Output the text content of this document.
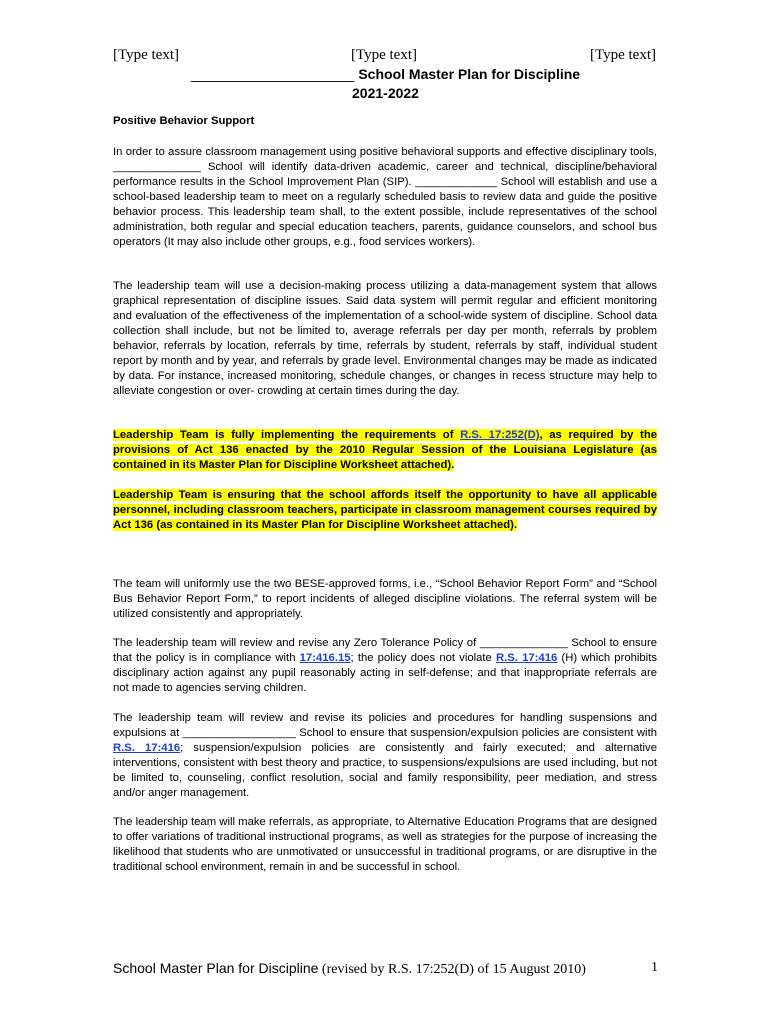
[Type text]	[Type text]	[Type text]
_____________________ School Master Plan for Discipline
2021-2022
Positive Behavior Support
In order to assure classroom management using positive behavioral supports and effective disciplinary tools, ______________ School will identify data-driven academic, career and technical, discipline/behavioral performance results in the School Improvement Plan (SIP). _____________ School will establish and use a school-based leadership team to meet on a regularly scheduled basis to review data and guide the positive behavior process. This leadership team shall, to the extent possible, include representatives of the school administration, both regular and special education teachers, parents, guidance counselors, and school bus operators (It may also include other groups, e.g., food services workers).
The leadership team will use a decision-making process utilizing a data-management system that allows graphical representation of discipline issues. Said data system will permit regular and efficient monitoring and evaluation of the effectiveness of the implementation of a school-wide system of discipline. School data collection shall include, but not be limited to, average referrals per day per month, referrals by problem behavior, referrals by location, referrals by time, referrals by student, referrals by staff, individual student report by month and by year, and referrals by grade level. Environmental changes may be made as indicated by data. For instance, increased monitoring, schedule changes, or changes in recess structure may help to alleviate congestion or over- crowding at certain times during the day.
Leadership Team is fully implementing the requirements of R.S. 17:252(D), as required by the provisions of Act 136 enacted by the 2010 Regular Session of the Louisiana Legislature (as contained in its Master Plan for Discipline Worksheet attached).
Leadership Team is ensuring that the school affords itself the opportunity to have all applicable personnel, including classroom teachers, participate in classroom management courses required by Act 136 (as contained in its Master Plan for Discipline Worksheet attached).
The team will uniformly use the two BESE-approved forms, i.e., “School Behavior Report Form” and “School Bus Behavior Report Form,” to report incidents of alleged discipline violations. The referral system will be utilized consistently and appropriately.
The leadership team will review and revise any Zero Tolerance Policy of ______________ School to ensure that the policy is in compliance with 17:416.15; the policy does not violate R.S. 17:416 (H) which prohibits disciplinary action against any pupil reasonably acting in self-defense; and that inappropriate referrals are not made to agencies serving children.
The leadership team will review and revise its policies and procedures for handling suspensions and expulsions at __________________ School to ensure that suspension/expulsion policies are consistent with R.S. 17:416; suspension/expulsion policies are consistently and fairly executed; and alternative interventions, consistent with best theory and practice, to suspensions/expulsions are used including, but not be limited to, counseling, conflict resolution, social and family responsibility, peer mediation, and stress and/or anger management.
The leadership team will make referrals, as appropriate, to Alternative Education Programs that are designed to offer variations of traditional instructional programs, as well as strategies for the purpose of increasing the likelihood that students who are unmotivated or unsuccessful in traditional programs, or are disruptive in the traditional school environment, remain in and be successful in school.
School Master Plan for Discipline (revised by R.S. 17:252(D) of 15 August 2010)	1
